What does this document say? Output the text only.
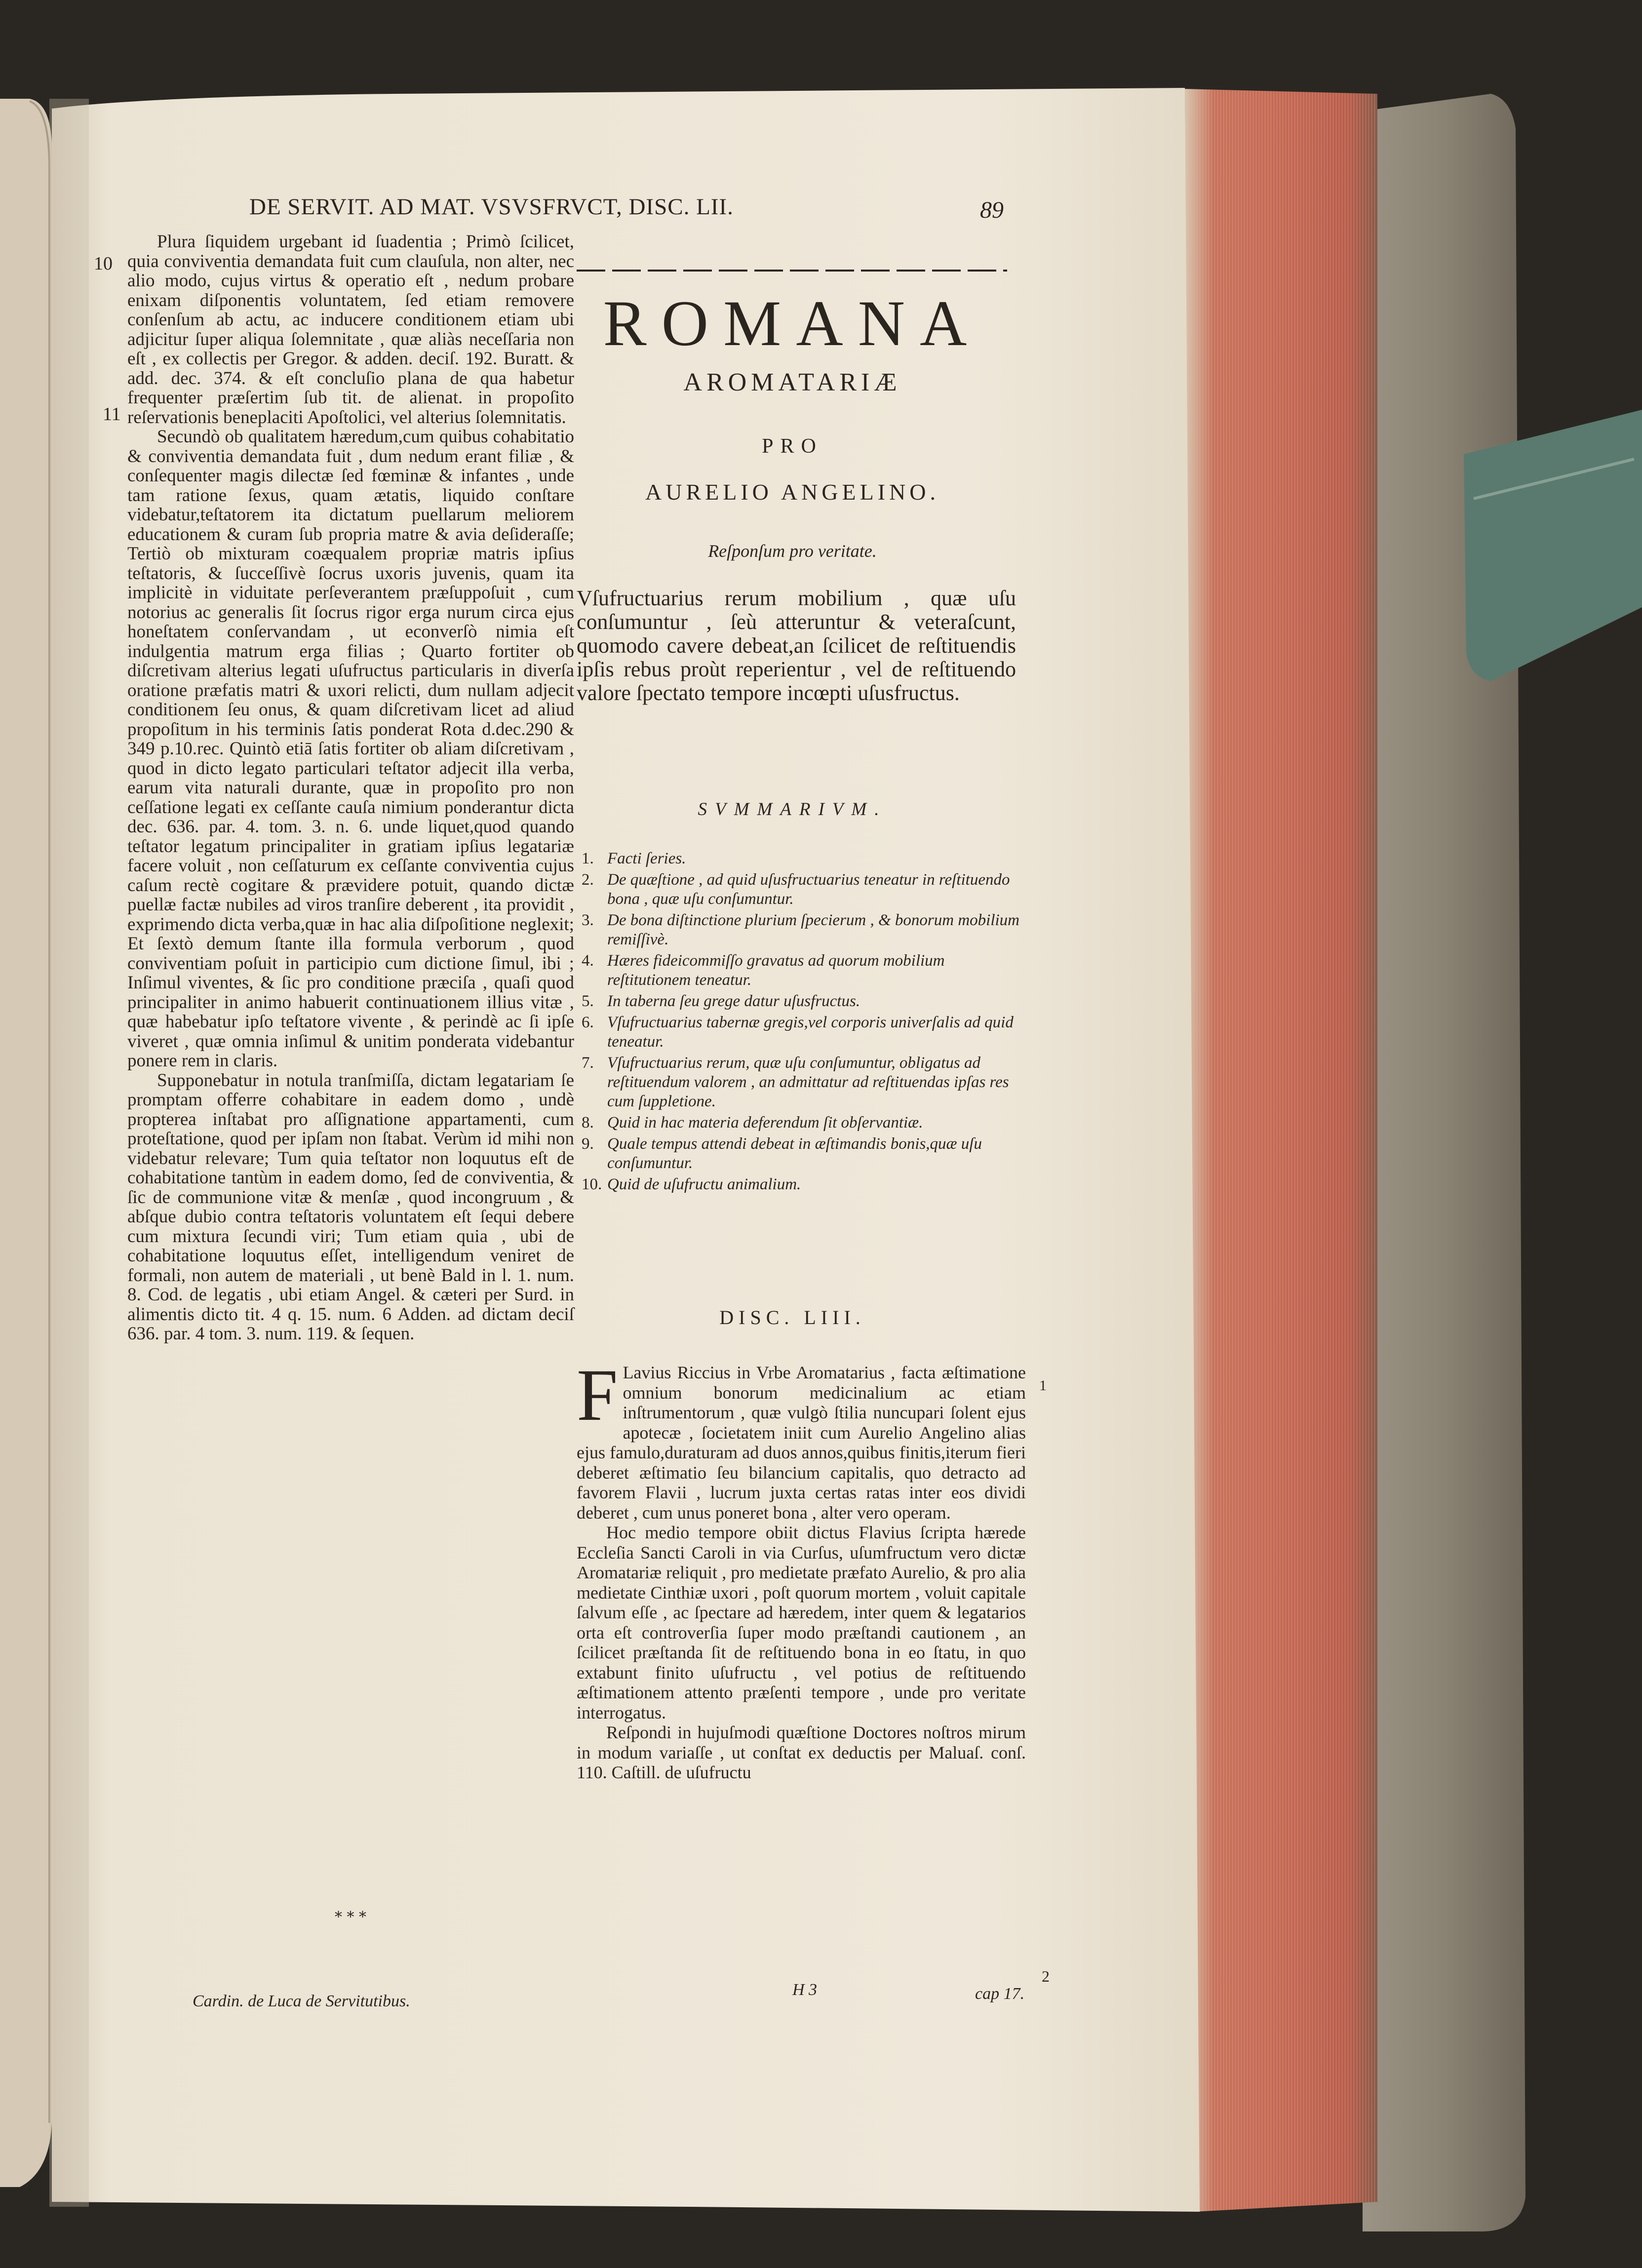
DE SERVIT. AD MAT. VSVSFRVCT, DISC. LII.	89
10
11

Plura ſiquidem urgebant id ſuadentia ; Primò ſcilicet, quia conviventia demandata fuit cum clauſula, non alter, nec alio modo, cujus virtus & operatio eſt , nedum probare enixam diſponentis voluntatem, ſed etiam removere conſenſum ab actu, ac inducere conditionem etiam ubi adjicitur ſuper aliqua ſolemnitate , quæ aliàs neceſſaria non eſt , ex collectis per Gregor. & adden. deciſ. 192. Buratt. & add. dec. 374. & eſt concluſio plana de qua habetur frequenter præſertim ſub tit. de alienat. in propoſito reſervationis beneplaciti Apoſtolici, vel alterius ſolemnitatis.

Secundò ob qualitatem hæredum,cum quibus cohabitatio & conviventia demandata fuit , dum nedum erant filiæ , & conſequenter magis dilectæ ſed fœminæ & infantes , unde tam ratione ſexus, quam ætatis, liquido conſtare videbatur,teſtatorem ita dictatum puellarum meliorem educationem & curam ſub propria matre & avia deſideraſſe; Tertiò ob mixturam coæqualem propriæ matris ipſius teſtatoris, & ſucceſſivè ſocrus uxoris juvenis, quam ita implicitè in viduitate perſeverantem præſuppoſuit , cum notorius ac generalis ſit ſocrus rigor erga nurum circa ejus honeſtatem conſervandam , ut econverſò nimia eſt indulgentia matrum erga filias ; Quarto fortiter ob diſcretivam alterius legati uſufructus particularis in diverſa oratione præfatis matri & uxori relicti, dum nullam adjecit conditionem ſeu onus, & quam diſcretivam licet ad aliud propoſitum in his terminis ſatis ponderat Rota d.dec.290 & 349 p.10.rec. Quintò etiā ſatis fortiter ob aliam diſcretivam , quod in dicto legato particulari teſtator adjecit illa verba, earum vita naturali durante, quæ in propoſito pro non ceſſatione legati ex ceſſante cauſa nimium ponderantur dicta dec. 636. par. 4. tom. 3. n. 6. unde liquet,quod quando teſtator legatum principaliter in gratiam ipſius legatariæ facere voluit , non ceſſaturum ex ceſſante conviventia cujus caſum rectè cogitare & prævidere potuit, quando dictæ puellæ factæ nubiles ad viros tranſire deberent , ita providit , exprimendo dicta verba,quæ in hac alia diſpoſitione neglexit; Et ſextò demum ſtante illa formula verborum , quod conviventiam poſuit in participio cum dictione ſimul, ibi ; Inſimul viventes, & ſic pro conditione præciſa , quaſi quod principaliter in animo habuerit continuationem illius vitæ , quæ habebatur ipſo teſtatore vivente , & perindè ac ſi ipſe viveret , quæ omnia inſimul & unitim ponderata videbantur ponere rem in claris.

Supponebatur in notula tranſmiſſa, dictam legatariam ſe promptam offerre cohabitare in eadem domo , undè propterea inſtabat pro aſſignatione appartamenti, cum proteſtatione, quod per ipſam non ſtabat. Verùm id mihi non videbatur relevare; Tum quia teſtator non loquutus eſt de cohabitatione tantùm in eadem domo, ſed de conviventia, & ſic de communione vitæ & menſæ , quod incongruum , & abſque dubio contra teſtatoris voluntatem eſt ſequi debere cum mixtura ſecundi viri; Tum etiam quia , ubi de cohabitatione loquutus eſſet, intelligendum veniret de formali, non autem de materiali , ut benè Bald in l. 1. num. 8. Cod. de legatis , ubi etiam Angel. & cæteri per Surd. in alimentis dicto tit. 4 q. 15. num. 6 Adden. ad dictam deciſ 636. par. 4 tom. 3. num. 119. & ſequen.

* * *
ROMANA
AROMATARIÆ
PRO
AURELIO ANGELINO.
Reſponſum pro veritate.
Vſufructuarius rerum mobilium , quæ uſu conſumuntur , ſeù atteruntur & veteraſcunt, quomodo cavere debeat,an ſcilicet de reſtituendis ipſis rebus proùt reperientur , vel de reſtituendo valore ſpectato tempore incœpti uſusfructus.
SVMMARIVM.
1. Facti ſeries.
2. De quæſtione , ad quid uſusfructuarius teneatur in reſtituendo bona , quæ uſu conſumuntur.
3. De bona diſtinctione plurium ſpecierum , & bonorum mobilium remiſſivè.
4. Hæres fideicommiſſo gravatus ad quorum mobilium reſtitutionem teneatur.
5. In taberna ſeu grege datur uſusfructus.
6. Vſufructuarius tabernæ gregis,vel corporis univerſalis ad quid teneatur.
7. Vſufructuarius rerum, quæ uſu conſumuntur, obligatus ad reſtituendum valorem , an admittatur ad reſtituendas ipſas res cum ſuppletione.
8. Quid in hac materia deferendum ſit obſervantiæ.
9. Quale tempus attendi debeat in æſtimandis bonis,quæ uſu conſumuntur.
10. Quid de uſufructu animalium.
DISC. LIII.

F Lavius Riccius in Vrbe Aromatarius , facta æſtimatione omnium bonorum medicinalium ac etiam inſtrumentorum , quæ vulgò ſtilia nuncupari ſolent ejus apotecæ , ſocietatem iniit cum Aurelio Angelino alias ejus famulo,duraturam ad duos annos,quibus finitis,iterum fieri deberet æſtimatio ſeu bilancium capitalis, quo detracto ad favorem Flavii , lucrum juxta certas ratas inter eos dividi deberet , cum unus poneret bona , alter vero operam.

Hoc medio tempore obiit dictus Flavius ſcripta hærede Eccleſia Sancti Caroli in via Curſus, uſumfructum vero dictæ Aromatariæ reliquit , pro medietate præfato Aurelio, & pro alia medietate Cinthiæ uxori , poſt quorum mortem , voluit capitale ſalvum eſſe , ac ſpectare ad hæredem, inter quem & legatarios orta eſt controverſia ſuper modo præſtandi cautionem , an ſcilicet præſtanda ſit de reſtituendo bona in eo ſtatu, in quo extabunt finito uſufructu , vel potius de reſtituendo æſtimationem attento præſenti tempore , unde pro veritate interrogatus.

Reſpondi in hujuſmodi quæſtione Doctores noſtros mirum in modum variaſſe , ut conſtat ex deductis per Maluaſ. conſ. 110. Caſtill. de uſufructu

1
2
Cardin. de Luca de Servitutibus.
H 3	cap 17.
